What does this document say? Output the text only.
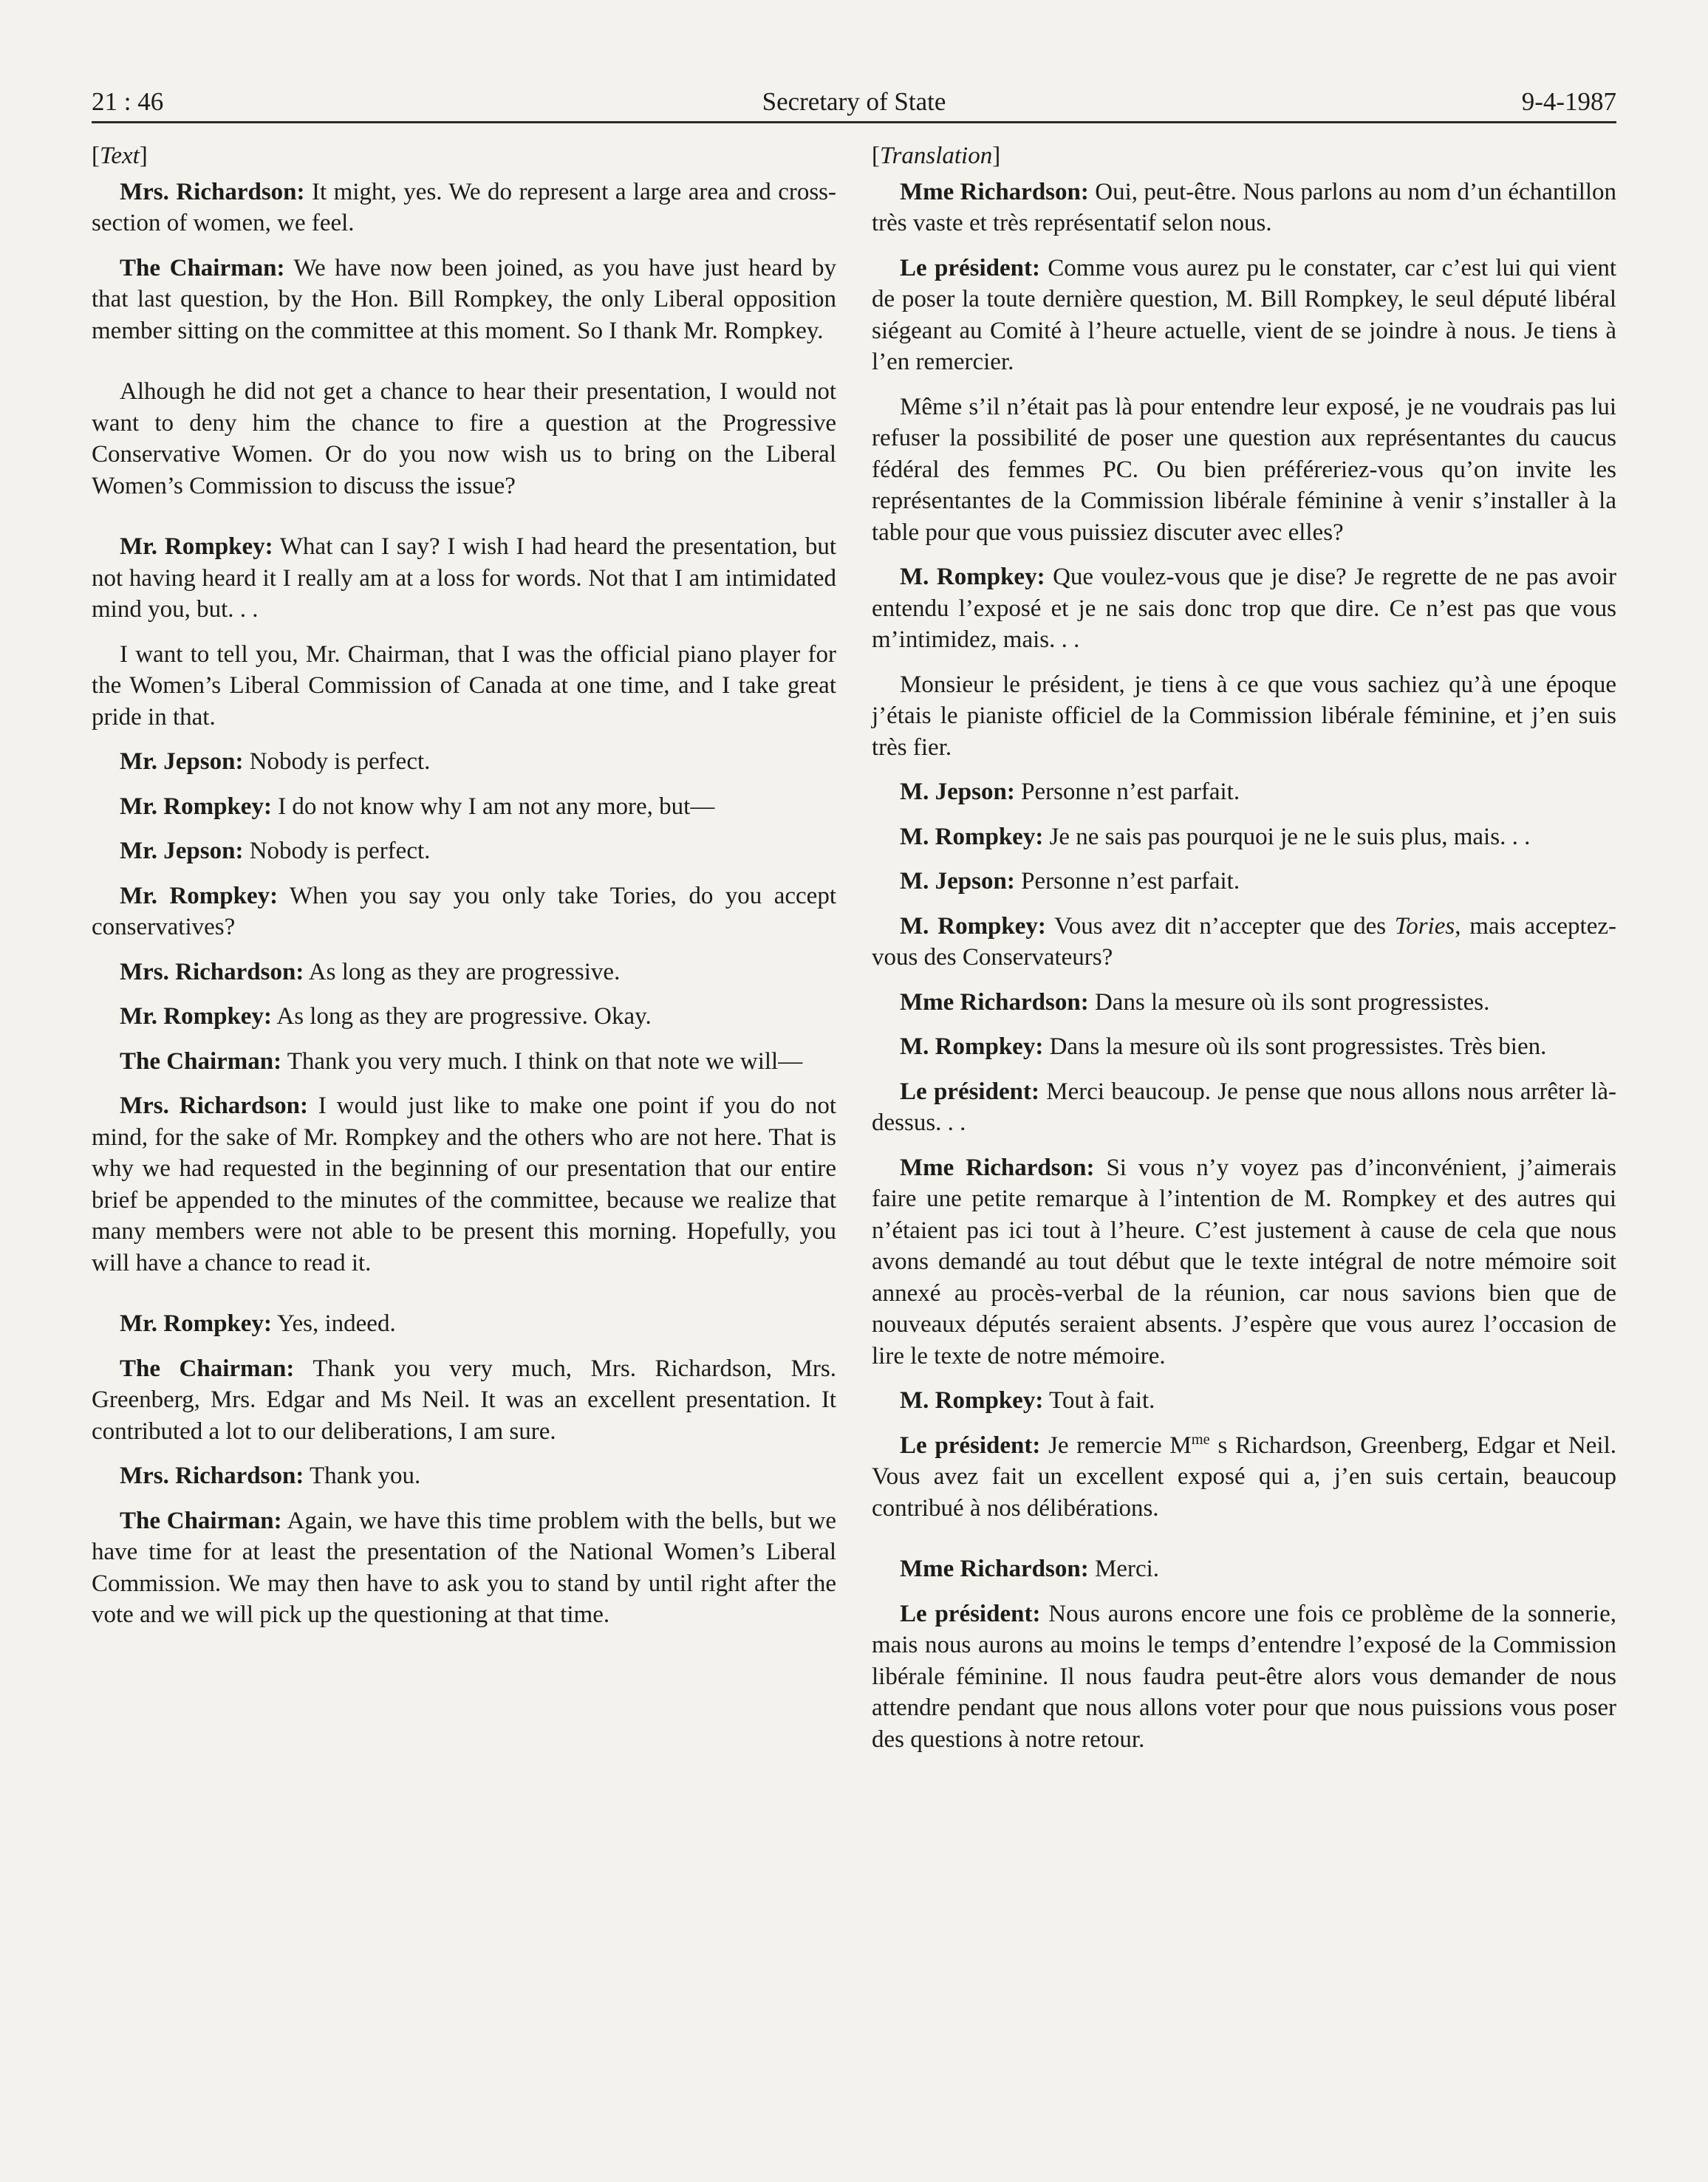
21 : 46	Secretary of State	9-4-1987

[Text]

Mrs. Richardson: It might, yes. We do represent a large area and cross-section of women, we feel.

The Chairman: We have now been joined, as you have just heard by that last question, by the Hon. Bill Rompkey, the only Liberal opposition member sitting on the committee at this moment. So I thank Mr. Rompkey.

Alhough he did not get a chance to hear their presentation, I would not want to deny him the chance to fire a question at the Progressive Conservative Women. Or do you now wish us to bring on the Liberal Women’s Commission to discuss the issue?

Mr. Rompkey: What can I say? I wish I had heard the presentation, but not having heard it I really am at a loss for words. Not that I am intimidated mind you, but. . .

I want to tell you, Mr. Chairman, that I was the official piano player for the Women’s Liberal Commission of Canada at one time, and I take great pride in that.

Mr. Jepson: Nobody is perfect.

Mr. Rompkey: I do not know why I am not any more, but—

Mr. Jepson: Nobody is perfect.

Mr. Rompkey: When you say you only take Tories, do you accept conservatives?

Mrs. Richardson: As long as they are progressive.

Mr. Rompkey: As long as they are progressive. Okay.

The Chairman: Thank you very much. I think on that note we will—

Mrs. Richardson: I would just like to make one point if you do not mind, for the sake of Mr. Rompkey and the others who are not here. That is why we had requested in the beginning of our presentation that our entire brief be appended to the minutes of the committee, because we realize that many members were not able to be present this morning. Hopefully, you will have a chance to read it.

Mr. Rompkey: Yes, indeed.

The Chairman: Thank you very much, Mrs. Richardson, Mrs. Greenberg, Mrs. Edgar and Ms Neil. It was an excellent presentation. It contributed a lot to our deliberations, I am sure.

Mrs. Richardson: Thank you.

The Chairman: Again, we have this time problem with the bells, but we have time for at least the presentation of the National Women’s Liberal Commission. We may then have to ask you to stand by until right after the vote and we will pick up the questioning at that time.

[Translation]

Mme Richardson: Oui, peut-être. Nous parlons au nom d’un échantillon très vaste et très représentatif selon nous.

Le président: Comme vous aurez pu le constater, car c’est lui qui vient de poser la toute dernière question, M. Bill Rompkey, le seul député libéral siégeant au Comité à l’heure actuelle, vient de se joindre à nous. Je tiens à l’en remercier.

Même s’il n’était pas là pour entendre leur exposé, je ne voudrais pas lui refuser la possibilité de poser une question aux représentantes du caucus fédéral des femmes PC. Ou bien préféreriez-vous qu’on invite les représentantes de la Commission libérale féminine à venir s’installer à la table pour que vous puissiez discuter avec elles?

M. Rompkey: Que voulez-vous que je dise? Je regrette de ne pas avoir entendu l’exposé et je ne sais donc trop que dire. Ce n’est pas que vous m’intimidez, mais. . .

Monsieur le président, je tiens à ce que vous sachiez qu’à une époque j’étais le pianiste officiel de la Commission libérale féminine, et j’en suis très fier.

M. Jepson: Personne n’est parfait.

M. Rompkey: Je ne sais pas pourquoi je ne le suis plus, mais. . .

M. Jepson: Personne n’est parfait.

M. Rompkey: Vous avez dit n’accepter que des Tories, mais acceptez-vous des Conservateurs?

Mme Richardson: Dans la mesure où ils sont progressistes.

M. Rompkey: Dans la mesure où ils sont progressistes. Très bien.

Le président: Merci beaucoup. Je pense que nous allons nous arrêter là-dessus. . .

Mme Richardson: Si vous n’y voyez pas d’inconvénient, j’aimerais faire une petite remarque à l’intention de M. Rompkey et des autres qui n’étaient pas ici tout à l’heure. C’est justement à cause de cela que nous avons demandé au tout début que le texte intégral de notre mémoire soit annexé au procès-verbal de la réunion, car nous savions bien que de nouveaux députés seraient absents. J’espère que vous aurez l’occasion de lire le texte de notre mémoire.

M. Rompkey: Tout à fait.

Le président: Je remercie $M^{me}$ s Richardson, Greenberg, Edgar et Neil. Vous avez fait un excellent exposé qui a, j’en suis certain, beaucoup contribué à nos délibérations.

Mme Richardson: Merci.

Le président: Nous aurons encore une fois ce problème de la sonnerie, mais nous aurons au moins le temps d’entendre l’exposé de la Commission libérale féminine. Il nous faudra peut-être alors vous demander de nous attendre pendant que nous allons voter pour que nous puissions vous poser des questions à notre retour.
